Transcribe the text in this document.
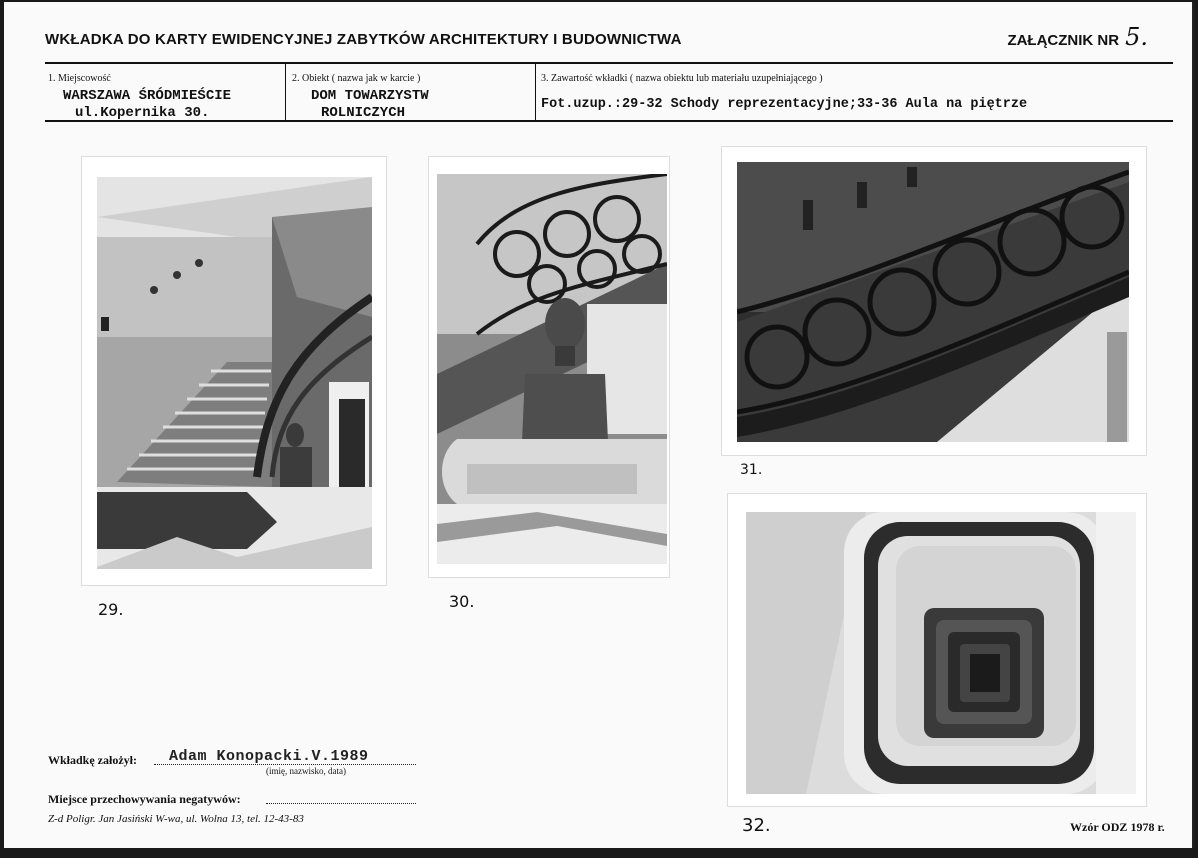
WKŁADKA DO KARTY EWIDENCYJNEJ ZABYTKÓW ARCHITEKTURY I BUDOWNICTWA	ZAŁĄCZNIK NR 5.
1. Miejscowość
WARSZAWA ŚRÓDMIEŚCIE
ul.Kopernika 30.
2. Obiekt ( nazwa jak w karcie )
DOM TOWARZYSTW
ROLNICZYCH
3. Zawartość wkładki ( nazwa obiektu lub materiału uzupełniającego )
Fot.uzup.:29-32 Schody reprezentacyjne;33-36 Aula na piętrze
29.	30.
31.
32.
Wkładkę założył: Adam Konopacki.V.1989
(imię, nazwisko, data)
Miejsce przechowywania negatywów:
Z-d Poligr. Jan Jasiński W-wa, ul. Wolna 13, tel. 12-43-83
Wzór ODZ 1978 r.
